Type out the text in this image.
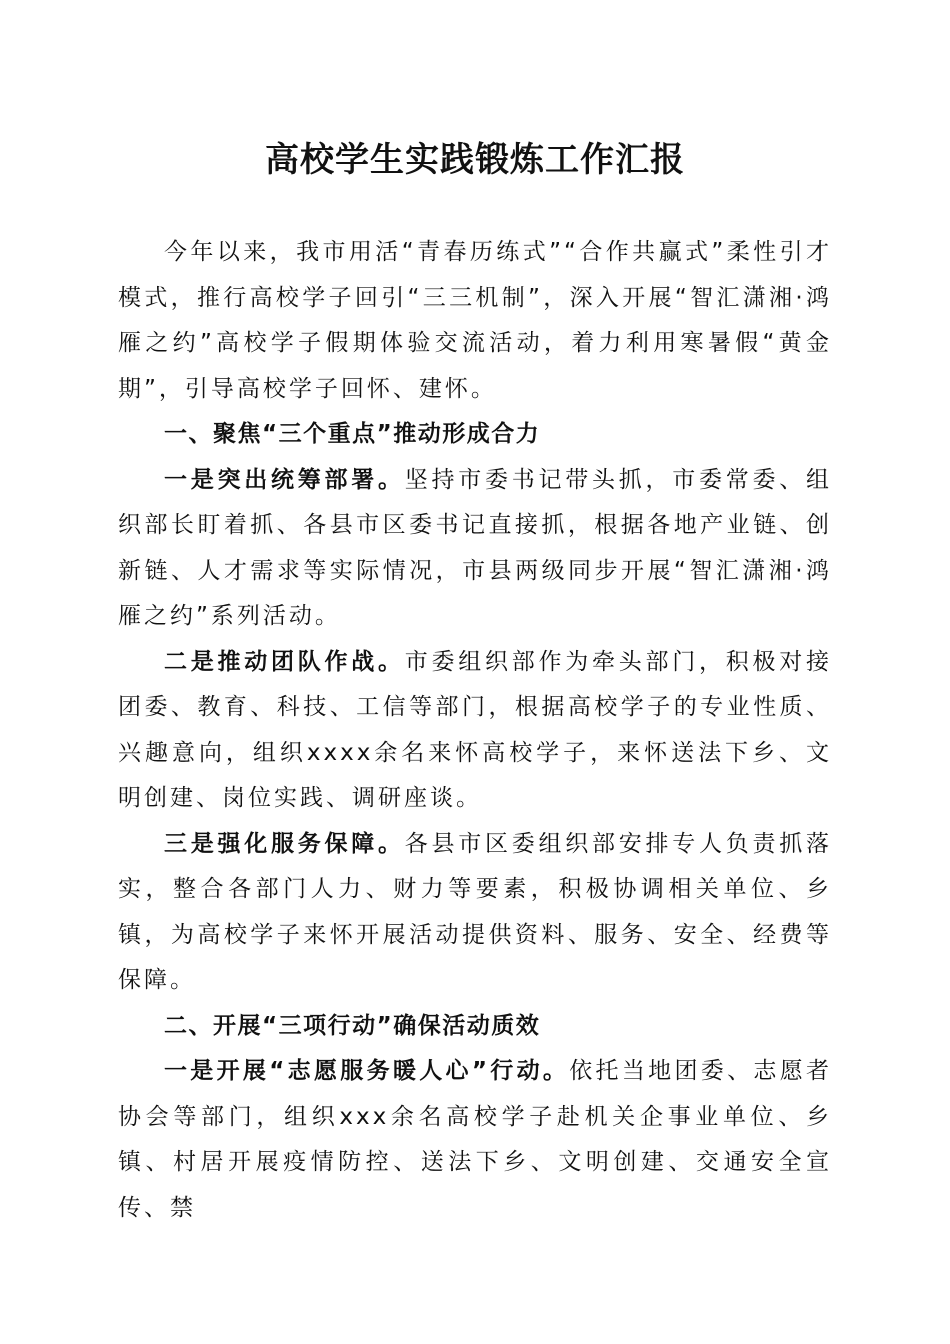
高校学生实践锻炼工作汇报

今年以来，我市用活“青春历练式”“合作共赢式”柔性引才模式，推行高校学子回引“三三机制”，深入开展“智汇潇湘·鸿雁之约”高校学子假期体验交流活动，着力利用寒暑假“黄金期”，引导高校学子回怀、建怀。

一、聚焦“三个重点”推动形成合力

一是突出统筹部署。坚持市委书记带头抓，市委常委、组织部长盯着抓、各县市区委书记直接抓，根据各地产业链、创新链、人才需求等实际情况，市县两级同步开展“智汇潇湘·鸿雁之约”系列活动。

二是推动团队作战。市委组织部作为牵头部门，积极对接团委、教育、科技、工信等部门，根据高校学子的专业性质、兴趣意向，组织xxxx余名来怀高校学子，来怀送法下乡、文明创建、岗位实践、调研座谈。

三是强化服务保障。各县市区委组织部安排专人负责抓落实，整合各部门人力、财力等要素，积极协调相关单位、乡镇，为高校学子来怀开展活动提供资料、服务、安全、经费等保障。

二、开展“三项行动”确保活动质效

一是开展“志愿服务暖人心”行动。依托当地团委、志愿者协会等部门，组织xxx余名高校学子赴机关企事业单位、乡镇、村居开展疫情防控、送法下乡、文明创建、交通安全宣传、禁
